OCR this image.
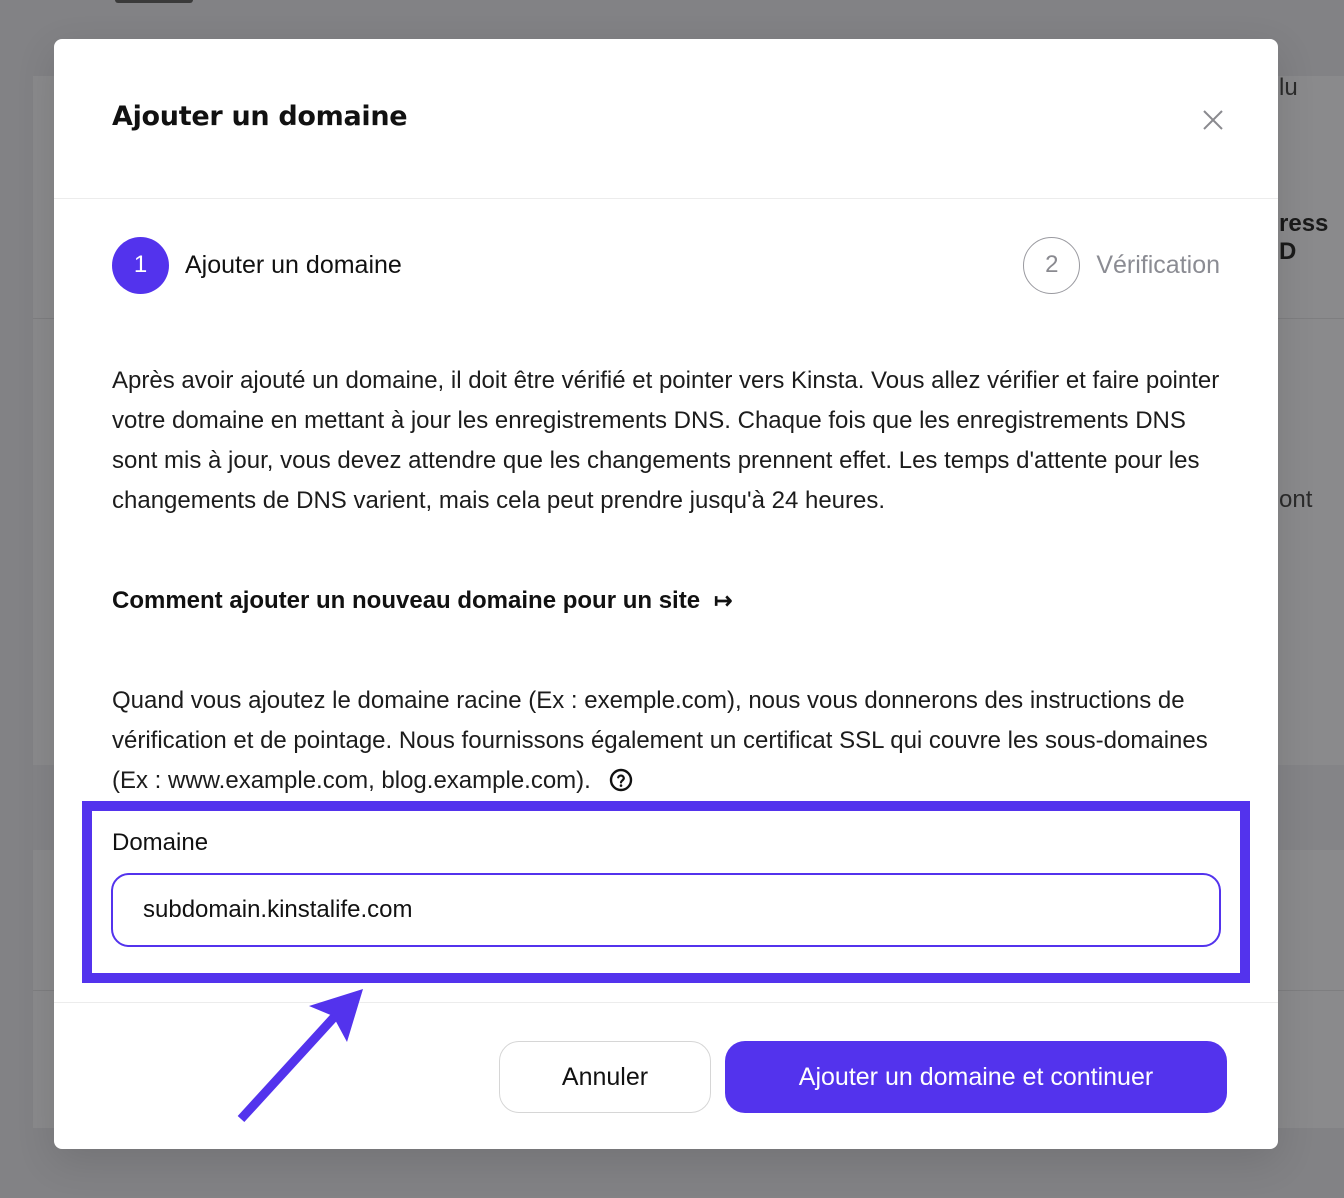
lu
ress D
ont
Ajouter un domaine
1	Ajouter un domaine	2	Vérification

Après avoir ajouté un domaine, il doit être vérifié et pointer vers Kinsta. Vous allez vérifier et faire pointer votre domaine en mettant à jour les enregistrements DNS. Chaque fois que les enregistrements DNS sont mis à jour, vous devez attendre que les changements prennent effet. Les temps d'attente pour les changements de DNS varient, mais cela peut prendre jusqu'à 24 heures.

Comment ajouter un nouveau domaine pour un site ↦

Quand vous ajoutez le domaine racine (Ex : exemple.com), nous vous donnerons des instructions de vérification et de pointage. Nous fournissons également un certificat SSL qui couvre les sous-domaines (Ex : www.example.com, blog.example.com).

Domaine
subdomain.kinstalife.com
Annuler	Ajouter un domaine et continuer
